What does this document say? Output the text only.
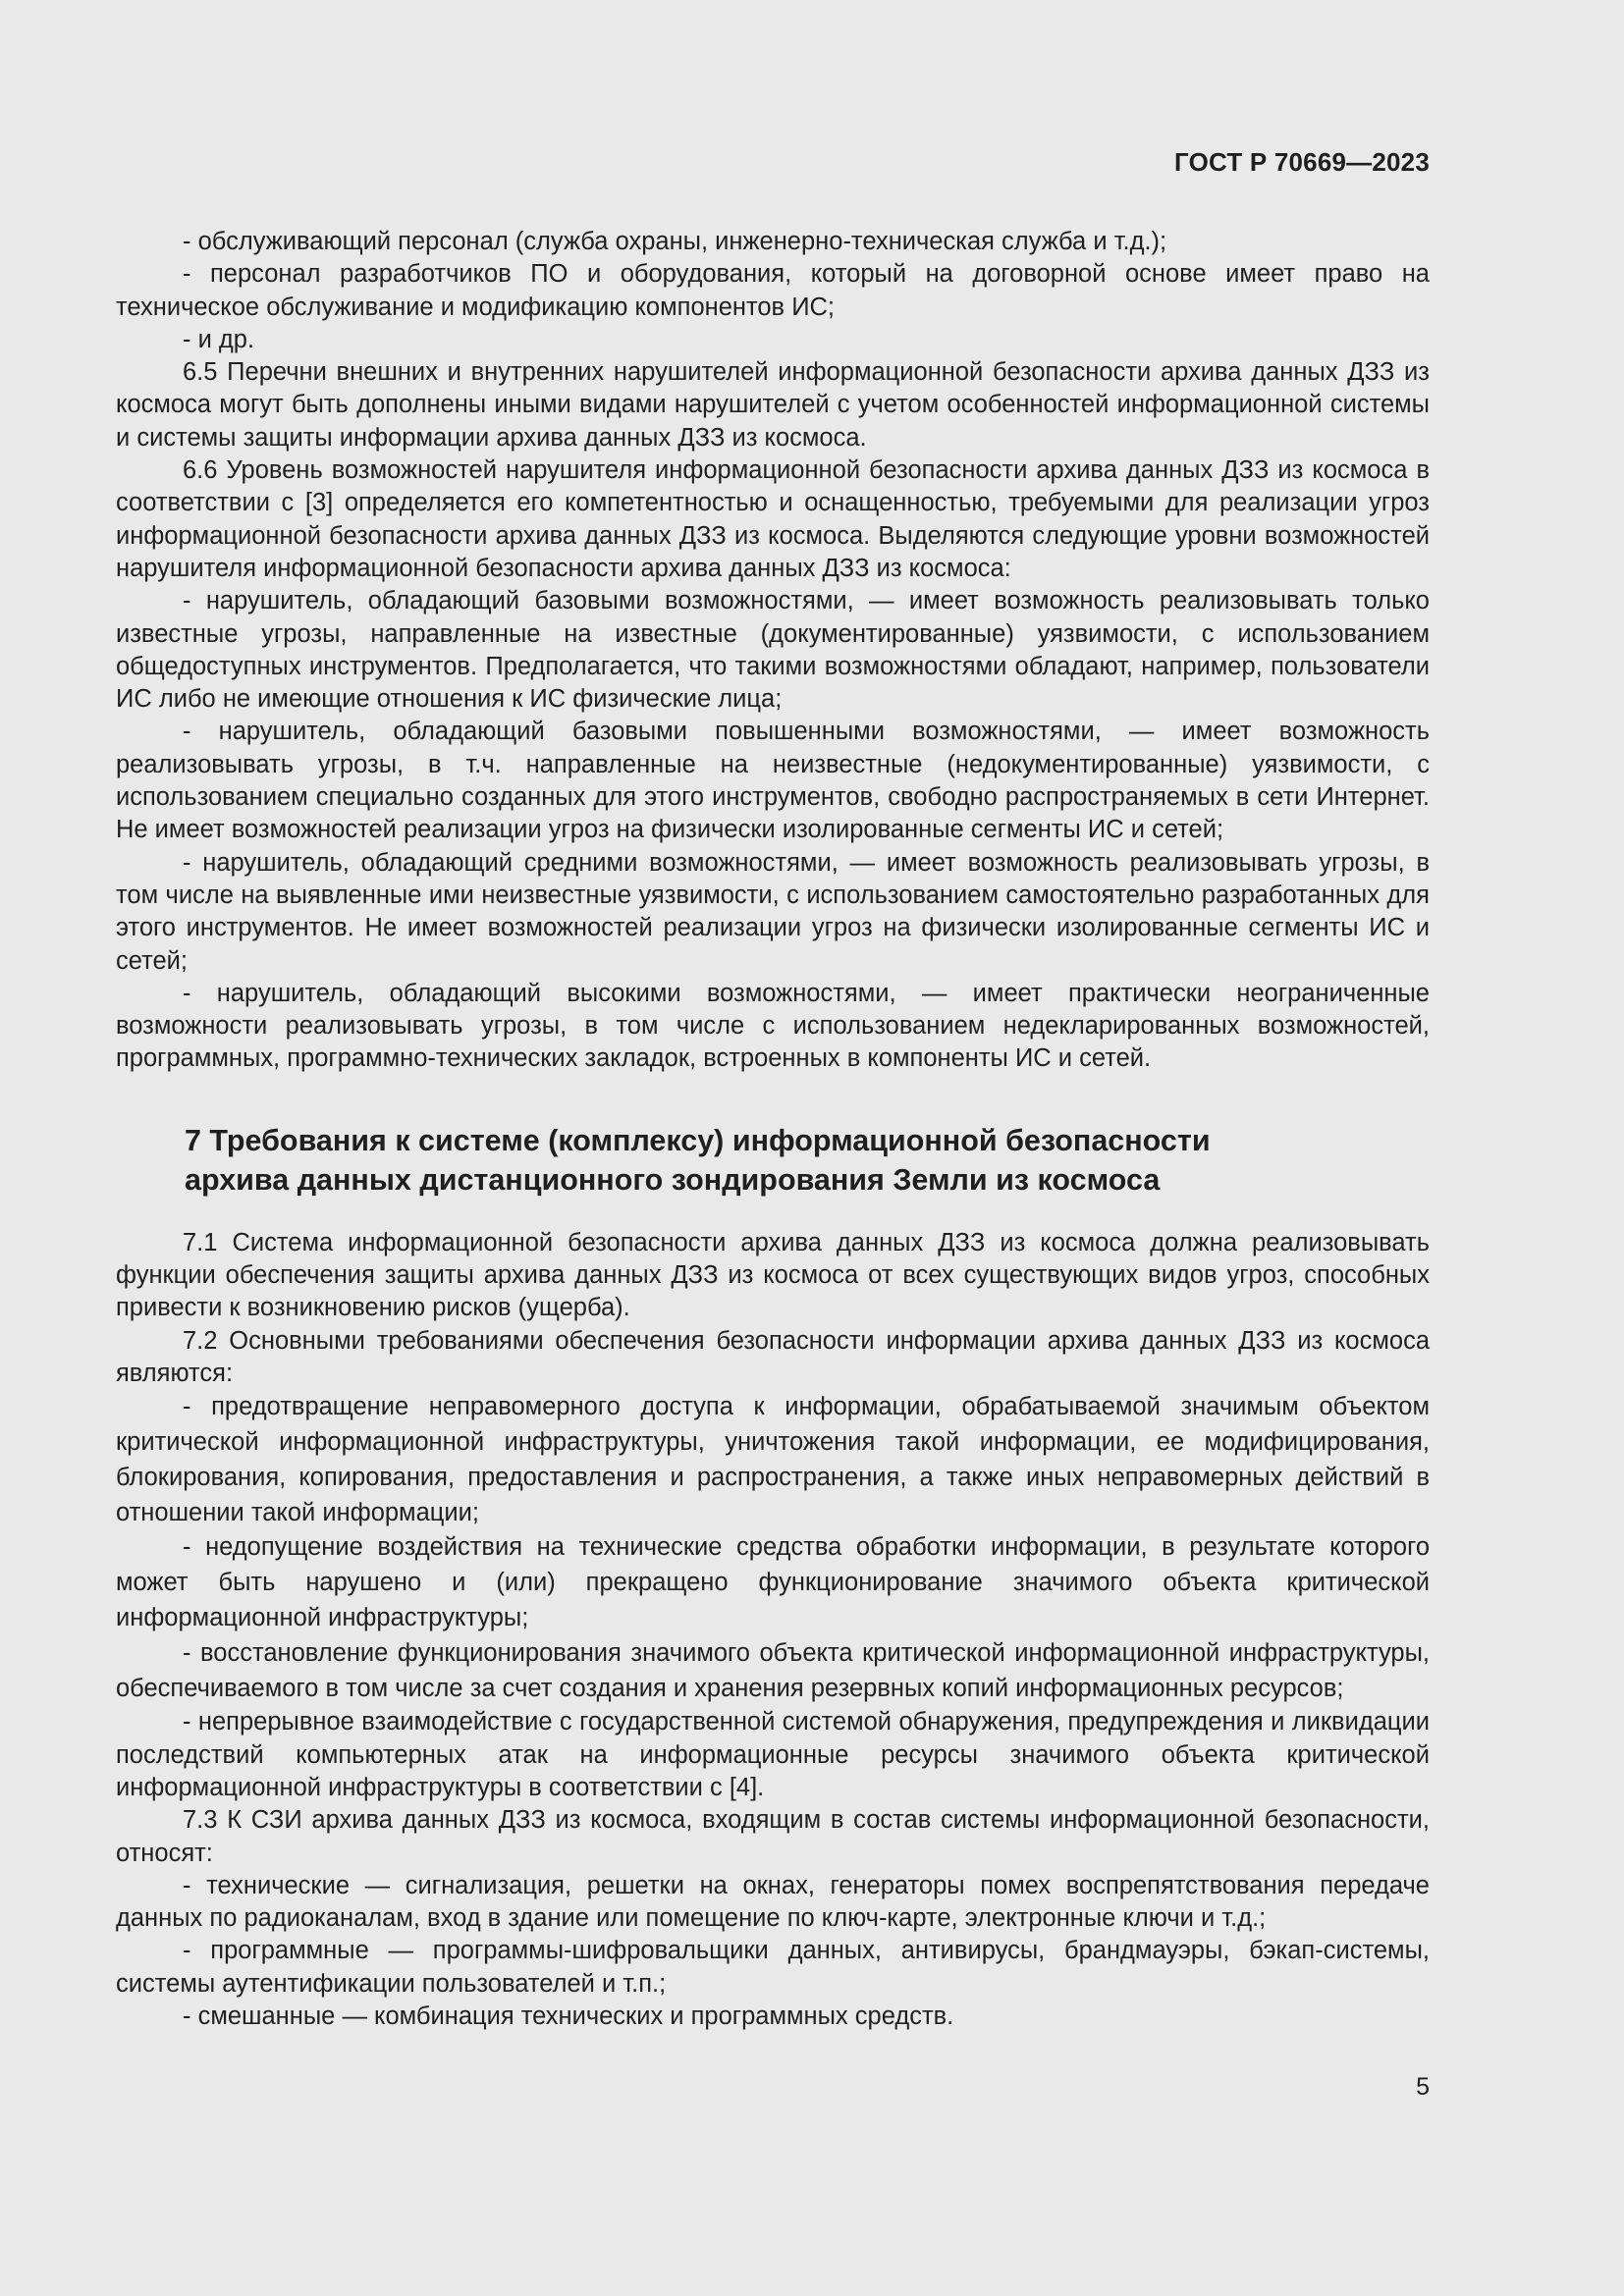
ГОСТ Р 70669—2023

- обслуживающий персонал (служба охраны, инженерно-техническая служба и т.д.);

- персонал разработчиков ПО и оборудования, который на договорной основе имеет право на техническое обслуживание и модификацию компонентов ИС;

- и др.

6.5 Перечни внешних и внутренних нарушителей информационной безопасности архива данных ДЗЗ из космоса могут быть дополнены иными видами нарушителей с учетом особенностей информационной системы и системы защиты информации архива данных ДЗЗ из космоса.

6.6 Уровень возможностей нарушителя информационной безопасности архива данных ДЗЗ из космоса в соответствии с [3] определяется его компетентностью и оснащенностью, требуемыми для реализации угроз информационной безопасности архива данных ДЗЗ из космоса. Выделяются следующие уровни возможностей нарушителя информационной безопасности архива данных ДЗЗ из космоса:

- нарушитель, обладающий базовыми возможностями, — имеет возможность реализовывать только известные угрозы, направленные на известные (документированные) уязвимости, с использованием общедоступных инструментов. Предполагается, что такими возможностями обладают, например, пользователи ИС либо не имеющие отношения к ИС физические лица;

- нарушитель, обладающий базовыми повышенными возможностями, — имеет возможность реализовывать угрозы, в т.ч. направленные на неизвестные (недокументированные) уязвимости, с использованием специально созданных для этого инструментов, свободно распространяемых в сети Интернет. Не имеет возможностей реализации угроз на физически изолированные сегменты ИС и сетей;

- нарушитель, обладающий средними возможностями, — имеет возможность реализовывать угрозы, в том числе на выявленные ими неизвестные уязвимости, с использованием самостоятельно разработанных для этого инструментов. Не имеет возможностей реализации угроз на физически изолированные сегменты ИС и сетей;

- нарушитель, обладающий высокими возможностями, — имеет практически неограниченные возможности реализовывать угрозы, в том числе с использованием недекларированных возможностей, программных, программно-технических закладок, встроенных в компоненты ИС и сетей.

7 Требования к системе (комплексу) информационной безопасности
архива данных дистанционного зондирования Земли из космоса

7.1 Система информационной безопасности архива данных ДЗЗ из космоса должна реализовывать функции обеспечения защиты архива данных ДЗЗ из космоса от всех существующих видов угроз, способных привести к возникновению рисков (ущерба).

7.2 Основными требованиями обеспечения безопасности информации архива данных ДЗЗ из космоса являются:

- предотвращение неправомерного доступа к информации, обрабатываемой значимым объектом критической информационной инфраструктуры, уничтожения такой информации, ее модифицирования, блокирования, копирования, предоставления и распространения, а также иных неправомерных действий в отношении такой информации;

- недопущение воздействия на технические средства обработки информации, в результате которого может быть нарушено и (или) прекращено функционирование значимого объекта критической информационной инфраструктуры;

- восстановление функционирования значимого объекта критической информационной инфраструктуры, обеспечиваемого в том числе за счет создания и хранения резервных копий информационных ресурсов;

- непрерывное взаимодействие с государственной системой обнаружения, предупреждения и ликвидации последствий компьютерных атак на информационные ресурсы значимого объекта критической информационной инфраструктуры в соответствии с [4].

7.3 К СЗИ архива данных ДЗЗ из космоса, входящим в состав системы информационной безопасности, относят:

- технические — сигнализация, решетки на окнах, генераторы помех воспрепятствования передаче данных по радиоканалам, вход в здание или помещение по ключ-карте, электронные ключи и т.д.;

- программные — программы-шифровальщики данных, антивирусы, брандмауэры, бэкап-системы, системы аутентификации пользователей и т.п.;

- смешанные — комбинация технических и программных средств.

5
